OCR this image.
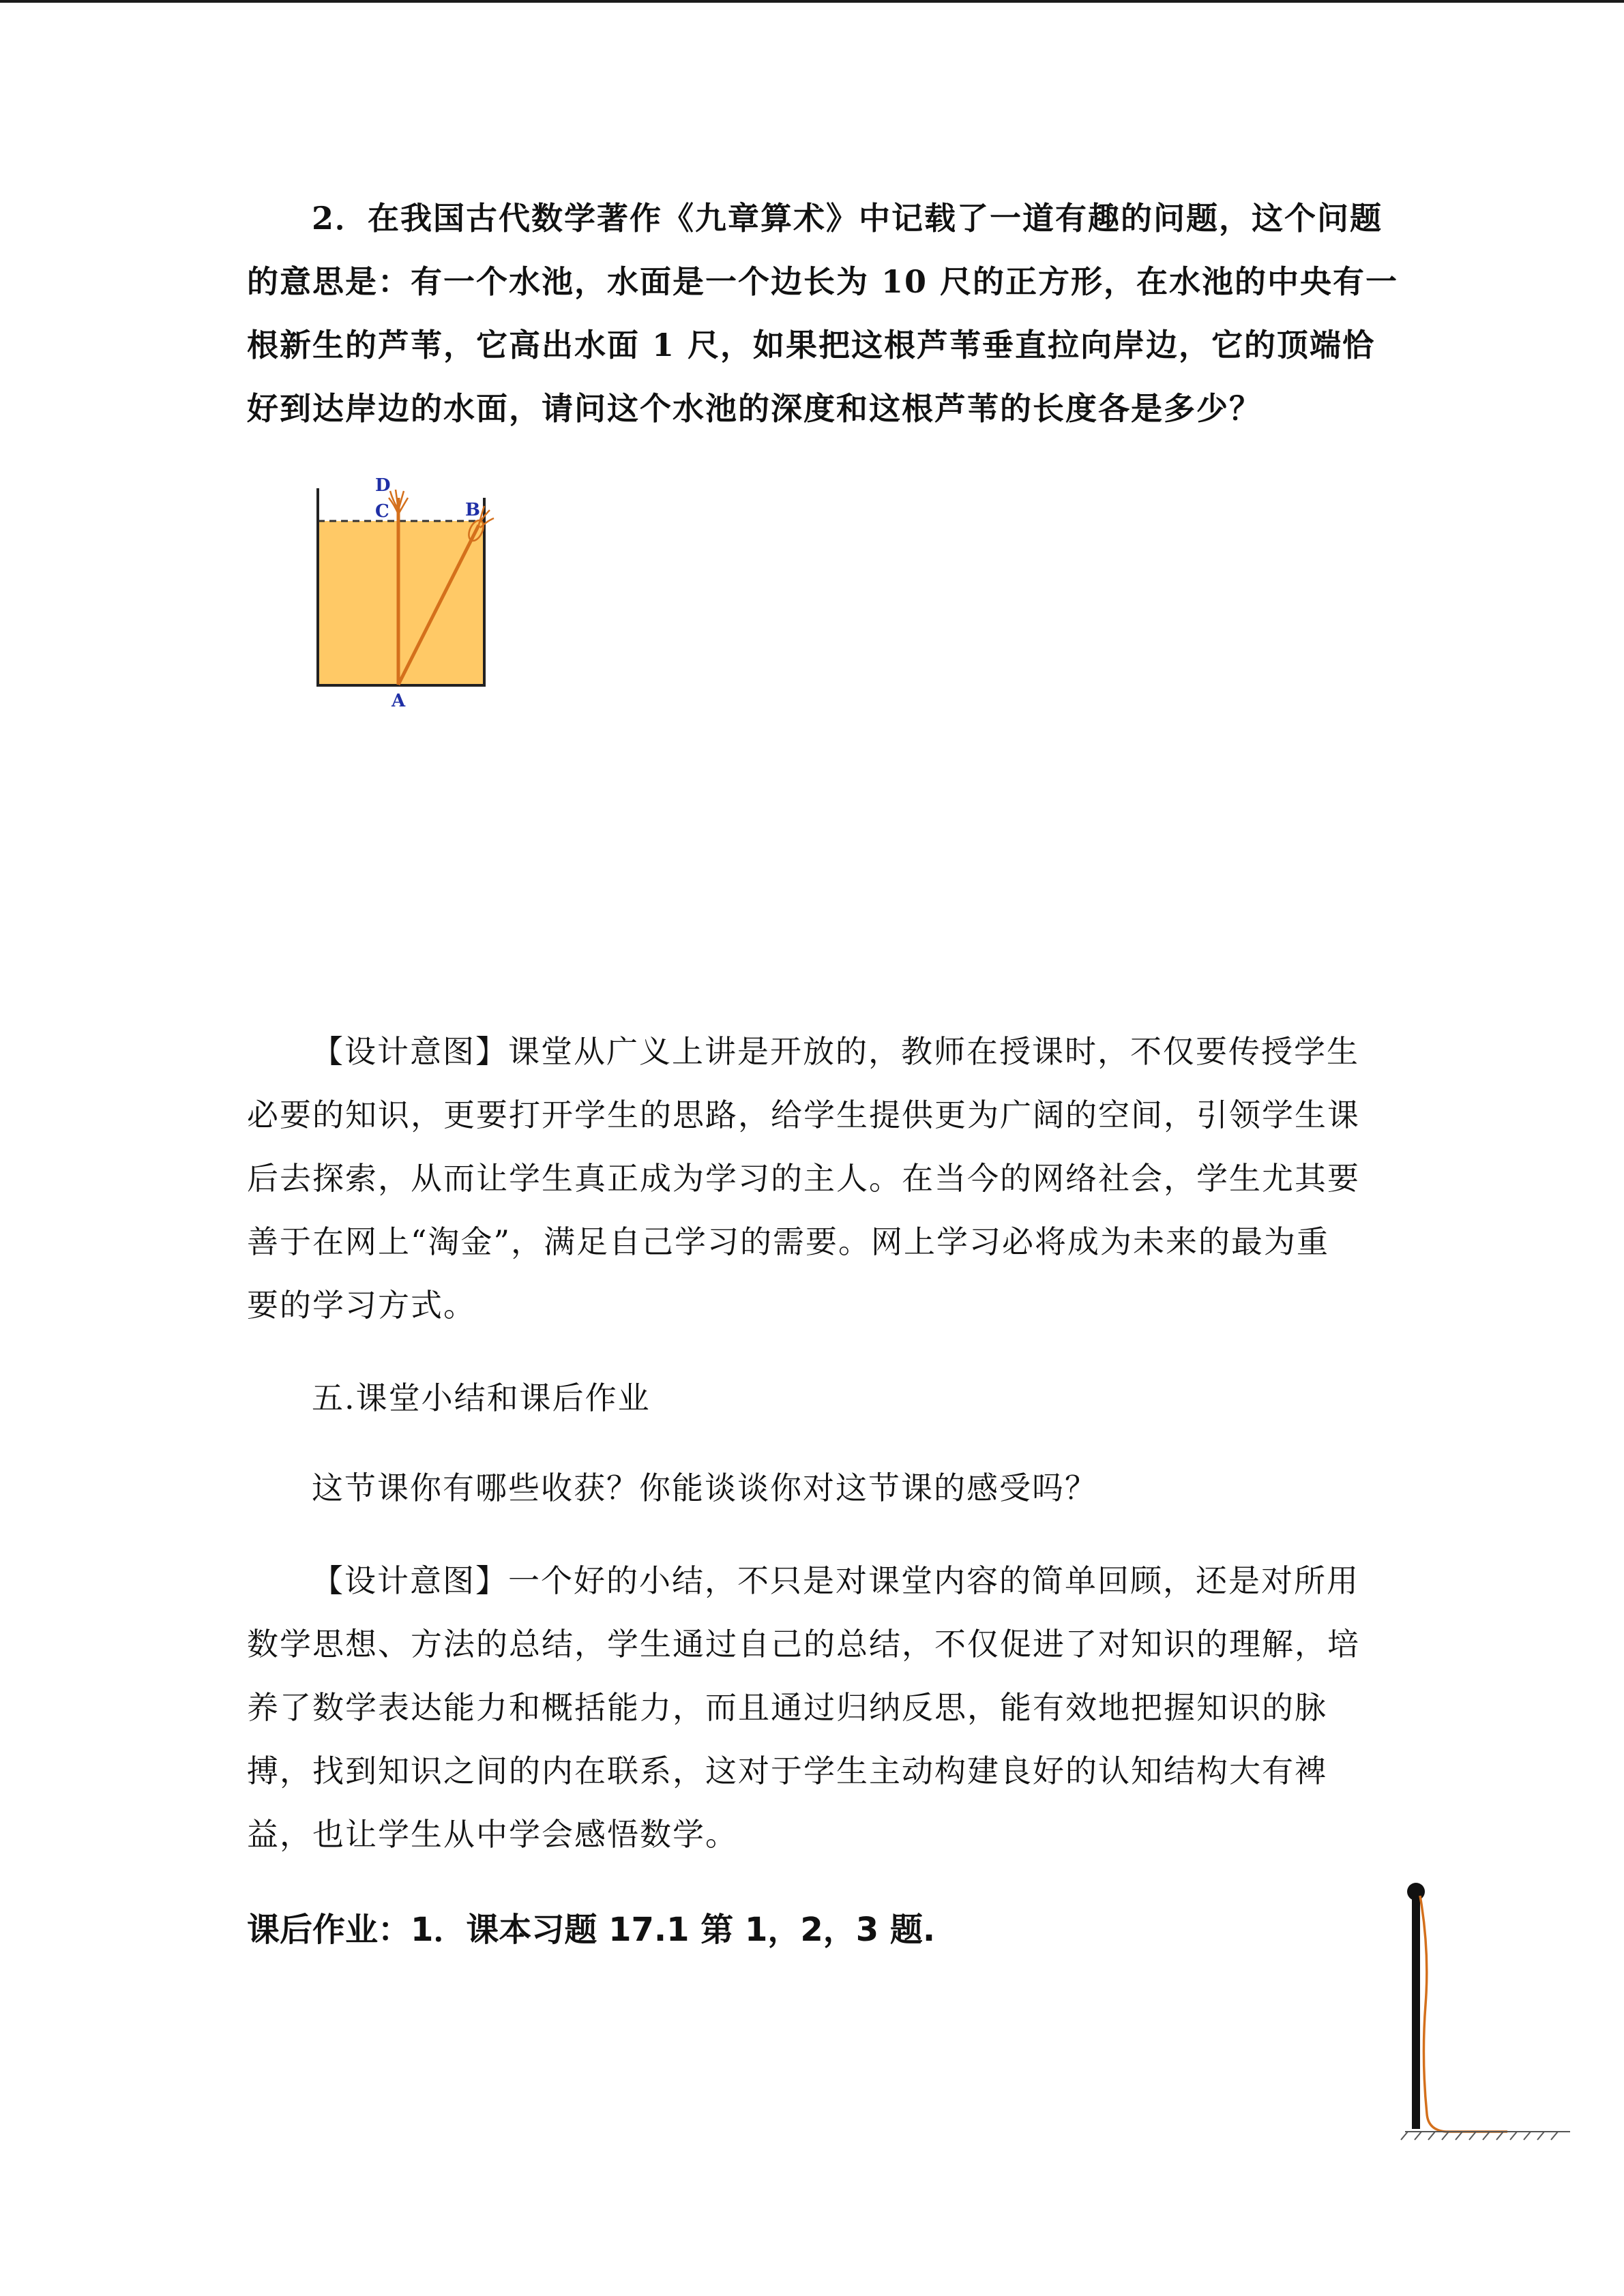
2．在我国古代数学著作《九章算术》中记载了一道有趣的问题，这个问题
的意思是：有一个水池，水面是一个边长为 10 尺的正方形，在水池的中央有一
根新生的芦苇，它高出水面 1 尺，如果把这根芦苇垂直拉向岸边，它的顶端恰
好到达岸边的水面，请问这个水池的深度和这根芦苇的长度各是多少？
D
C	B
A
【设计意图】课堂从广义上讲是开放的，教师在授课时，不仅要传授学生
必要的知识，更要打开学生的思路，给学生提供更为广阔的空间，引领学生课
后去探索，从而让学生真正成为学习的主人。在当今的网络社会，学生尤其要
善于在网上“淘金”，满足自己学习的需要。网上学习必将成为未来的最为重
要的学习方式。
五.课堂小结和课后作业
这节课你有哪些收获？你能谈谈你对这节课的感受吗？
【设计意图】一个好的小结，不只是对课堂内容的简单回顾，还是对所用
数学思想、方法的总结，学生通过自己的总结，不仅促进了对知识的理解，培
养了数学表达能力和概括能力，而且通过归纳反思，能有效地把握知识的脉
搏，找到知识之间的内在联系，这对于学生主动构建良好的认知结构大有裨
益，也让学生从中学会感悟数学。
课后作业：1．课本习题 17.1 第 1，2，3 题.
